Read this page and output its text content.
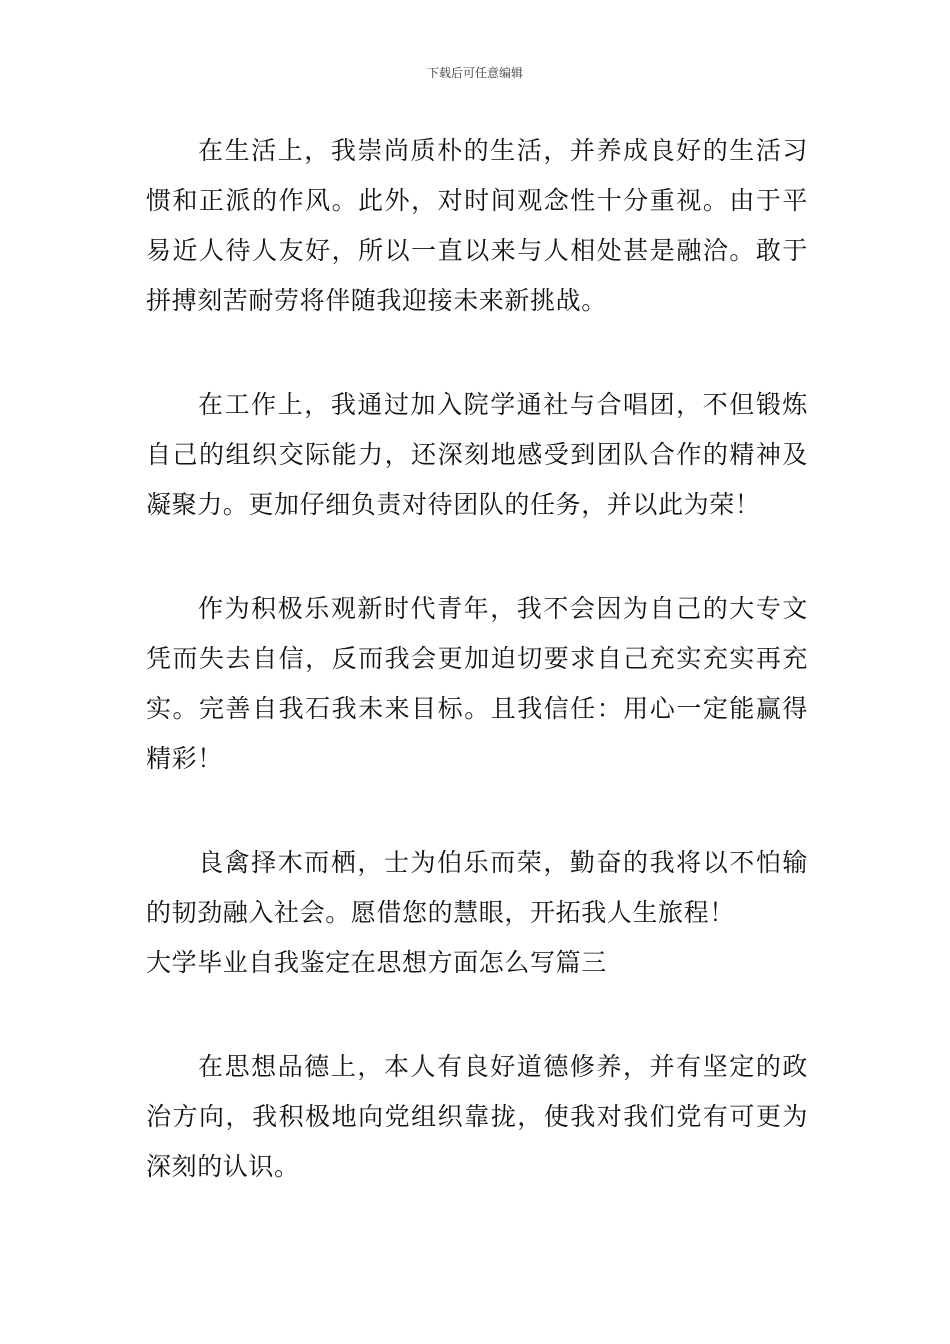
下载后可任意编辑

在生活上，我崇尚质朴的生活，并养成良好的生活习惯和正派的作风。此外，对时间观念性十分重视。由于平易近人待人友好，所以一直以来与人相处甚是融洽。敢于拼搏刻苦耐劳将伴随我迎接未来新挑战。

在工作上，我通过加入院学通社与合唱团，不但锻炼自己的组织交际能力，还深刻地感受到团队合作的精神及凝聚力。更加仔细负责对待团队的任务，并以此为荣！

作为积极乐观新时代青年，我不会因为自己的大专文凭而失去自信，反而我会更加迫切要求自己充实充实再充实。完善自我石我未来目标。且我信任：用心一定能赢得精彩！

良禽择木而栖，士为伯乐而荣，勤奋的我将以不怕输的韧劲融入社会。愿借您的慧眼，开拓我人生旅程！

大学毕业自我鉴定在思想方面怎么写篇三

在思想品德上，本人有良好道德修养，并有坚定的政治方向，我积极地向党组织靠拢，使我对我们党有可更为深刻的认识。
